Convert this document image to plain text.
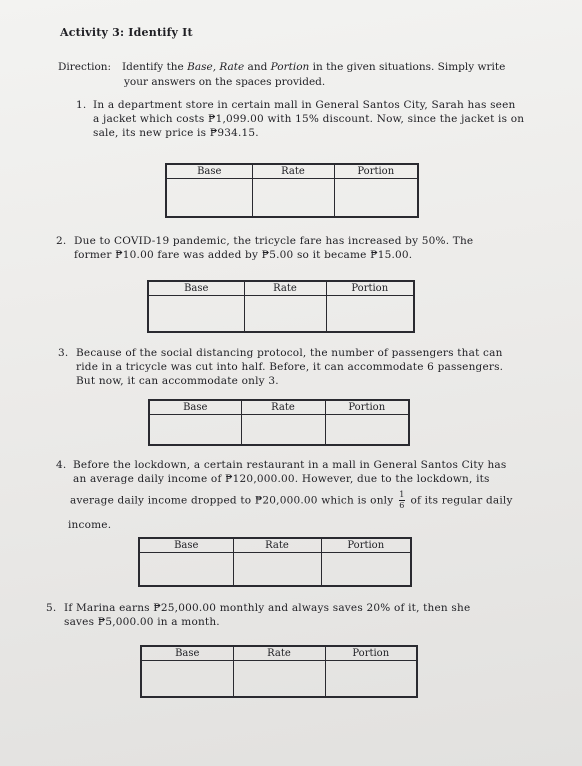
Activity 3: Identify It
Direction: Identify the Base, Rate and Portion in the given situations. Simply write
your answers on the spaces provided.
1. In a department store in certain mall in General Santos City, Sarah has seen
a jacket which costs ₱1,099.00 with 15% discount. Now, since the jacket is on
sale, its new price is ₱934.15.
Base	Rate	Portion

2. Due to COVID-19 pandemic, the tricycle fare has increased by 50%. The
former ₱10.00 fare was added by ₱5.00 so it became ₱15.00.
Base	Rate	Portion

3. Because of the social distancing protocol, the number of passengers that can
ride in a tricycle was cut into half. Before, it can accommodate 6 passengers.
But now, it can accommodate only 3.
Base	Rate	Portion

4. Before the lockdown, a certain restaurant in a mall in General Santos City has
an average daily income of ₱120,000.00. However, due to the lockdown, its
average daily income dropped to ₱20,000.00 which is only $\frac{1}{6}$ of its regular daily
income.
Base	Rate	Portion

5. If Marina earns ₱25,000.00 monthly and always saves 20% of it, then she
saves ₱5,000.00 in a month.
Base	Rate	Portion
